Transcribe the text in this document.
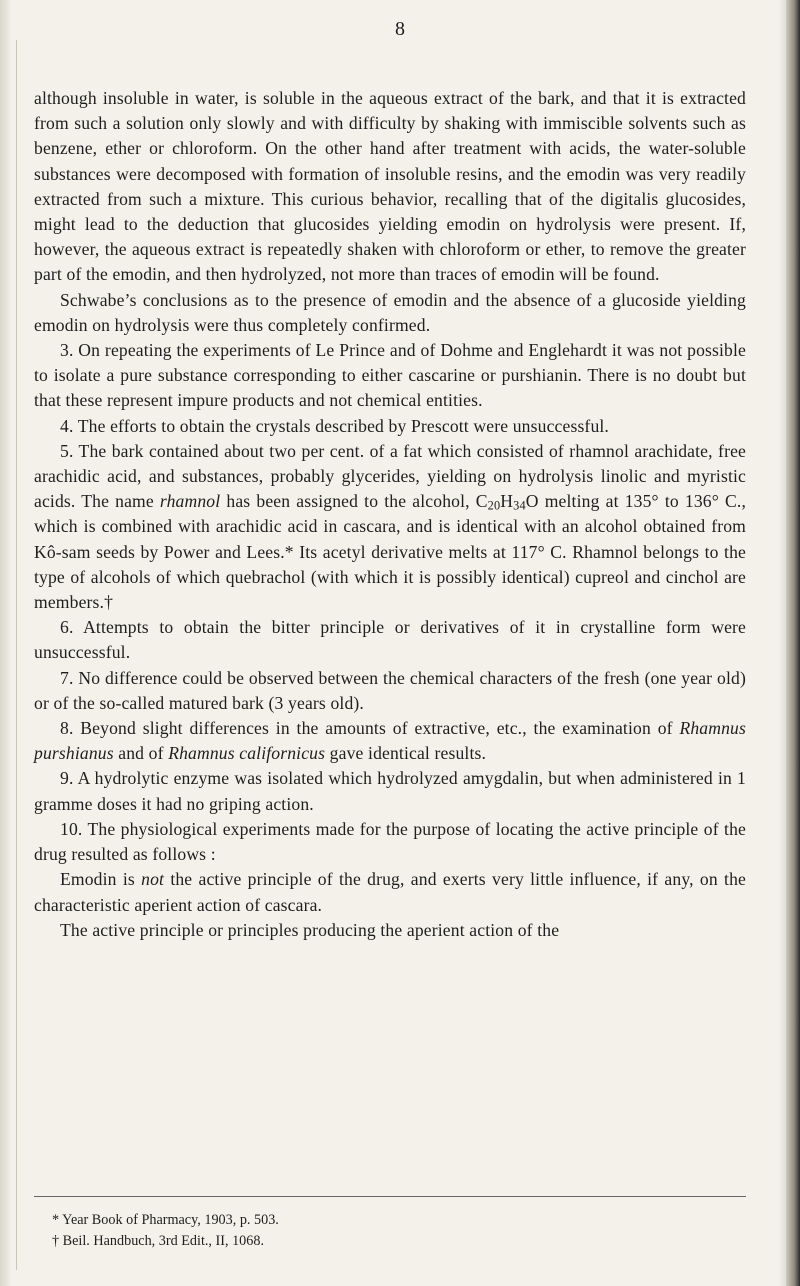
8

although insoluble in water, is soluble in the aqueous extract of the bark, and that it is extracted from such a solution only slowly and with difficulty by shaking with immiscible solvents such as benzene, ether or chloroform. On the other hand after treatment with acids, the water-soluble substances were decomposed with formation of insoluble resins, and the emodin was very readily extracted from such a mixture. This curious behavior, recalling that of the digitalis glucosides, might lead to the deduction that glucosides yielding emodin on hydrolysis were present. If, however, the aqueous extract is repeatedly shaken with chloroform or ether, to remove the greater part of the emodin, and then hydrolyzed, not more than traces of emodin will be found.

Schwabe’s conclusions as to the presence of emodin and the absence of a glucoside yielding emodin on hydrolysis were thus completely confirmed.

3. On repeating the experiments of Le Prince and of Dohme and Englehardt it was not possible to isolate a pure substance corresponding to either cascarine or purshianin. There is no doubt but that these represent impure products and not chemical entities.

4. The efforts to obtain the crystals described by Prescott were unsuccessful.

5. The bark contained about two per cent. of a fat which consisted of rhamnol arachidate, free arachidic acid, and substances, probably glycerides, yielding on hydrolysis linolic and myristic acids. The name rhamnol has been assigned to the alcohol, $C_{20}H_{34}O$ melting at 135° to 136° C., which is combined with arachidic acid in cascara, and is identical with an alcohol obtained from Kô-sam seeds by Power and Lees.* Its acetyl derivative melts at 117° C. Rhamnol belongs to the type of alcohols of which quebrachol (with which it is possibly identical) cupreol and cinchol are members.†

6. Attempts to obtain the bitter principle or derivatives of it in crystalline form were unsuccessful.

7. No difference could be observed between the chemical characters of the fresh (one year old) or of the so-called matured bark (3 years old).

8. Beyond slight differences in the amounts of extractive, etc., the examination of Rhamnus purshianus and of Rhamnus californicus gave identical results.

9. A hydrolytic enzyme was isolated which hydrolyzed amygdalin, but when administered in 1 gramme doses it had no griping action.

10. The physiological experiments made for the purpose of locating the active principle of the drug resulted as follows :

Emodin is not the active principle of the drug, and exerts very little influence, if any, on the characteristic aperient action of cascara.

The active principle or principles producing the aperient action of the

* Year Book of Pharmacy, 1903, p. 503.
† Beil. Handbuch, 3rd Edit., II, 1068.
